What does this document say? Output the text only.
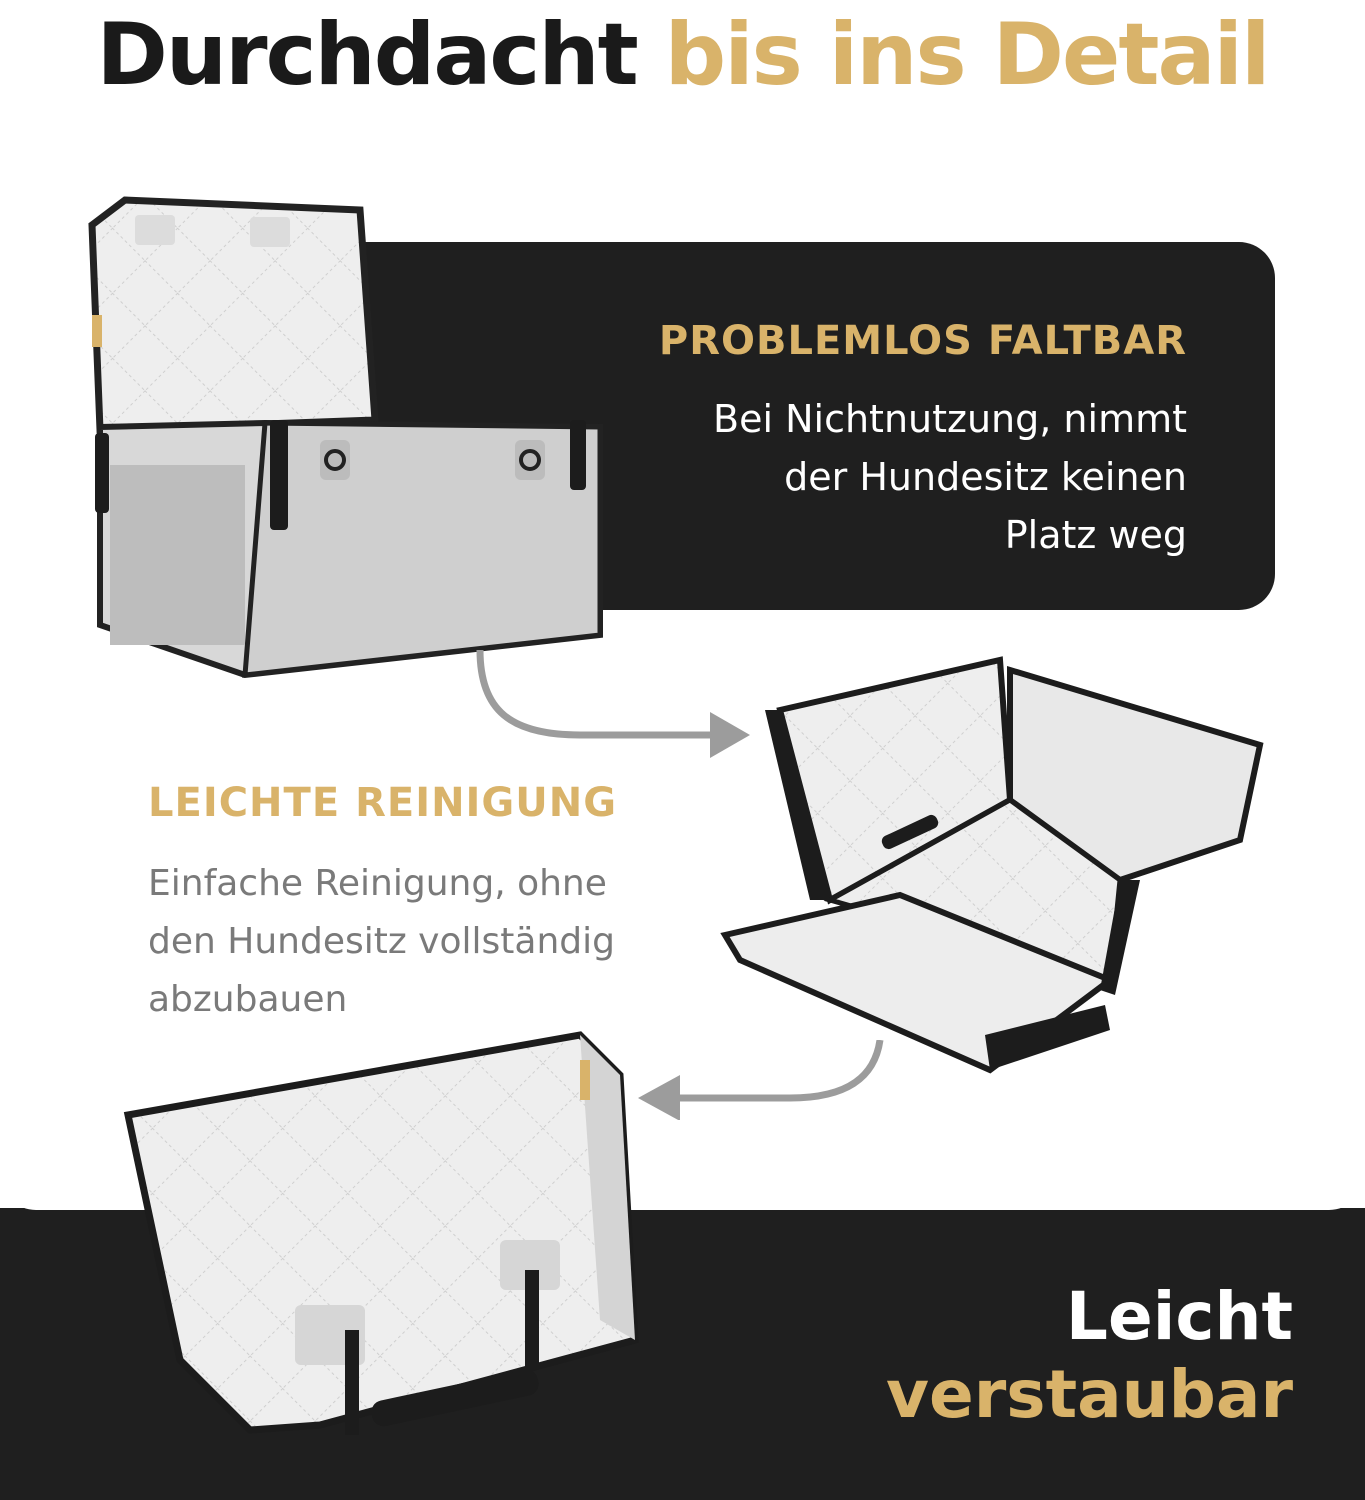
Durchdacht bis ins Detail
PROBLEMLOS FALTBAR
Bei Nichtnutzung, nimmt
der Hundesitz keinen
Platz weg
LEICHTE REINIGUNG
Einfache Reinigung, ohne
den Hundesitz vollständig
abzubauen
Leicht
verstaubar
